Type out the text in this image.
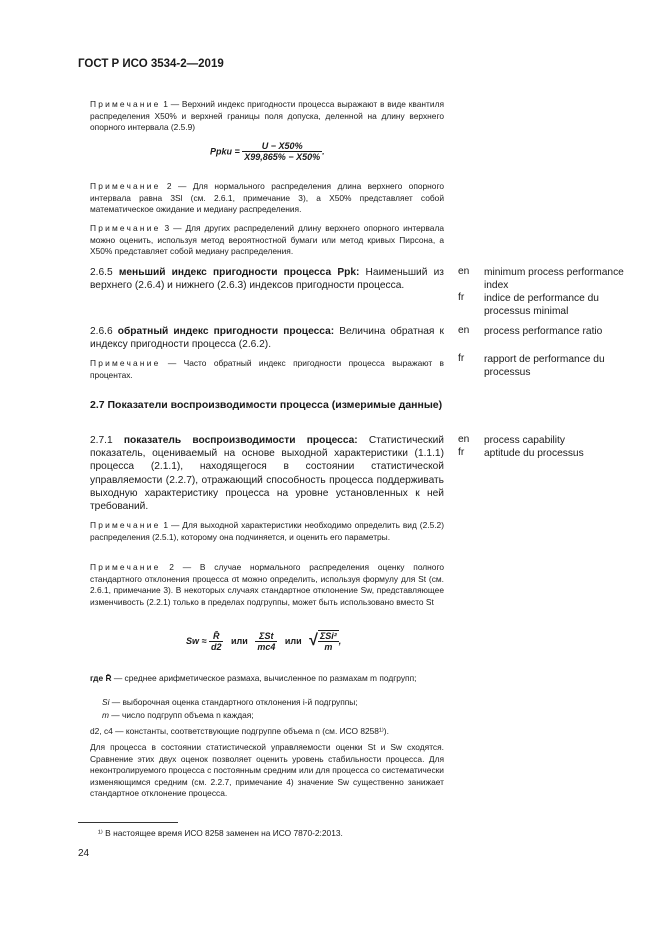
ГОСТ Р ИСО 3534-2—2019
Примечание 1 — Верхний индекс пригодности процесса выражают в виде квантиля распределения X50% и верхней границы поля допуска, деленной на длину верхнего опорного интервала (2.5.9)
Ppku = $\frac{U - X50\%}{X99,865\% - X50\%}$ .
Примечание 2 — Для нормального распределения длина верхнего опорного интервала равна 3Sl (см. 2.6.1, примечание 3), а X50% представляет собой математическое ожидание и медиану распределения.
Примечание 3 — Для других распределений длину верхнего опорного интервала можно оценить, используя метод вероятностной бумаги или метод кривых Пирсона, а X50% представляет собой медиану распределения.
2.6.5 меньший индекс пригодности процесса Ppk: Наименьший из верхнего (2.6.4) и нижнего (2.6.3) индексов пригодности процесса.
en minimum process performance index
fr indice de performance du processus minimal
2.6.6 обратный индекс пригодности процесса: Величина обратная к индексу пригодности процесса (2.6.2).
en process performance ratio
fr rapport de performance du processus
Примечание — Часто обратный индекс пригодности процесса выражают в процентах.
2.7 Показатели воспроизводимости процесса (измеримые данные)
2.7.1 показатель воспроизводимости процесса: Статистический показатель, оцениваемый на основе выходной характеристики (1.1.1) процесса (2.1.1), находящегося в состоянии статистической управляемости (2.2.7), отражающий способность процесса поддерживать выходную характеристику процесса на уровне установленных к ней требований.
en process capability
fr aptitude du processus
Примечание 1 — Для выходной характеристики необходимо определить вид (2.5.2) распределения (2.5.1), которому она подчиняется, и оценить его параметры.
Примечание 2 — В случае нормального распределения оценку полного стандартного отклонения процесса σt можно определить, используя формулу для St (см. 2.6.1, примечание 3). В некоторых случаях стандартное отклонение Sw, представляющее изменчивость (2.2.1) только в пределах подгруппы, может быть использовано вместо St
$Sw \approx \frac{R̄}{d2}$ или $\frac{\text{ΣSt}}{mc4}$ или √ $\frac{\text{ΣSi²}}{m}$ ,
где R̄ — среднее арифметическое размаха, вычисленное по размахам m подгрупп;
Si — выборочная оценка стандартного отклонения i-й подгруппы;
m — число подгрупп объема n каждая;
d2, c4 — константы, соответствующие подгруппе объема n (см. ИСО 8258¹⁾).
Для процесса в состоянии статистической управляемости оценки St и Sw сходятся. Сравнение этих двух оценок позволяет оценить уровень стабильности процесса. Для неконтролируемого процесса с постоянным средним или для процесса со систематически изменяющимся средним (см. 2.2.7, примечание 4) значение Sw существенно занижает стандартное отклонение процесса.
¹⁾ В настоящее время ИСО 8258 заменен на ИСО 7870-2:2013.
24
